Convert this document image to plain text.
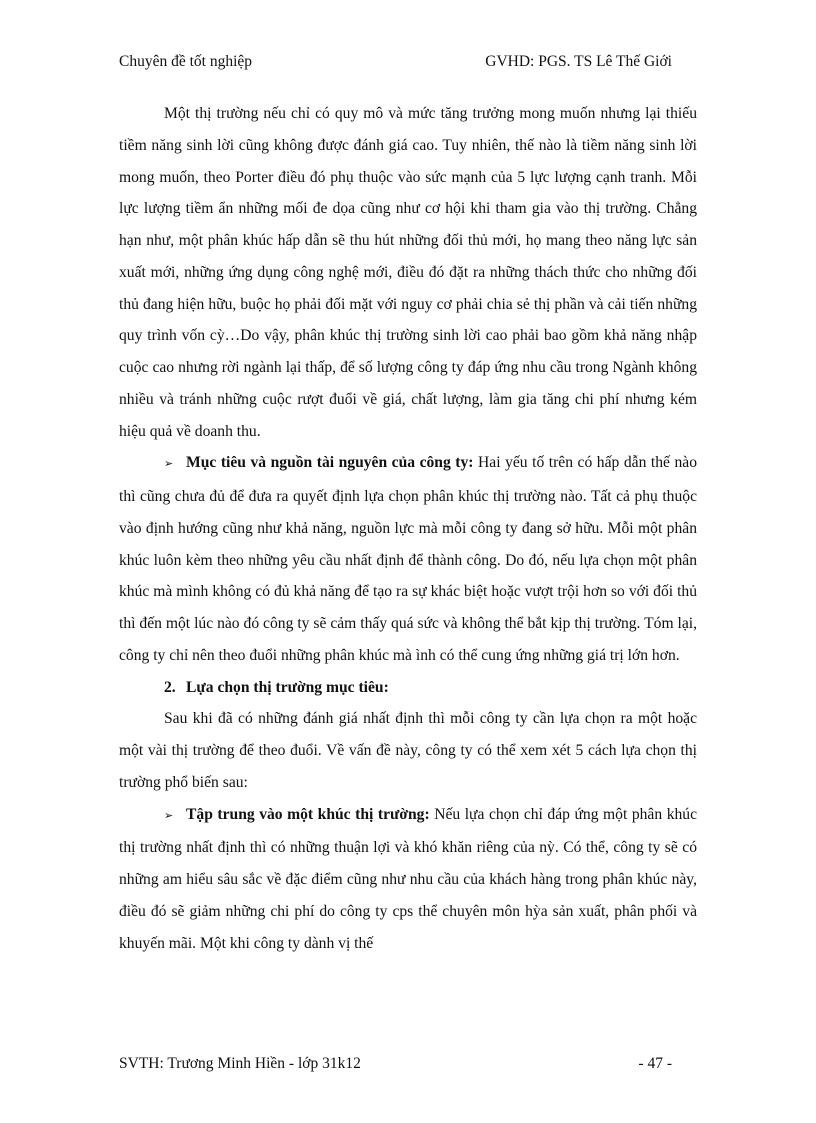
Chuyên đề tốt nghiệp	GVHD: PGS. TS Lê Thế Giới

Một thị trường nếu chỉ có quy mô và mức tăng trưởng mong muốn nhưng lại thiếu tiềm năng sinh lời cũng không được đánh giá cao. Tuy nhiên, thế nào là tiềm năng sinh lời mong muốn, theo Porter điều đó phụ thuộc vào sức mạnh của 5 lực lượng cạnh tranh. Mỗi lực lượng tiềm ẩn những mối đe dọa cũng như cơ hội khi tham gia vào thị trường. Chẳng hạn như, một phân khúc hấp dẫn sẽ thu hút những đối thủ mới, họ mang theo năng lực sản xuất mới, những ứng dụng công nghệ mới, điều đó đặt ra những thách thức cho những đối thủ đang hiện hữu, buộc họ phải đối mặt với nguy cơ phải chia sẻ thị phần và cải tiến những quy trình vốn cỳ…Do vậy, phân khúc thị trường sinh lời cao phải bao gồm khả năng nhập cuộc cao nhưng rời ngành lại thấp, để số lượng công ty đáp ứng nhu cầu trong Ngành không nhiều và tránh những cuộc rượt đuổi về giá, chất lượng, làm gia tăng chi phí nhưng kém hiệu quả về doanh thu.

➢ Mục tiêu và nguồn tài nguyên của công ty: Hai yếu tố trên có hấp dẫn thế nào thì cũng chưa đủ để đưa ra quyết định lựa chọn phân khúc thị trường nào. Tất cả phụ thuộc vào định hướng cũng như khả năng, nguồn lực mà mỗi công ty đang sở hữu. Mỗi một phân khúc luôn kèm theo những yêu cầu nhất định để thành công. Do đó, nếu lựa chọn một phân khúc mà mình không có đủ khả năng để tạo ra sự khác biệt hoặc vượt trội hơn so với đối thủ thì đến một lúc nào đó công ty sẽ cảm thấy quá sức và không thể bắt kịp thị trường. Tóm lại, công ty chỉ nên theo đuổi những phân khúc mà ình có thể cung ứng những giá trị lớn hơn.

2. Lựa chọn thị trường mục tiêu:

Sau khi đã có những đánh giá nhất định thì mỗi công ty cần lựa chọn ra một hoặc một vài thị trường để theo đuổi. Về vấn đề này, công ty có thể xem xét 5 cách lựa chọn thị trường phổ biến sau:

➢ Tập trung vào một khúc thị trường: Nếu lựa chọn chỉ đáp ứng một phân khúc thị trường nhất định thì có những thuận lợi và khó khăn riêng của nỳ. Có thể, công ty sẽ có những am hiểu sâu sắc về đặc điểm cũng như nhu cầu của khách hàng trong phân khúc này, điều đó sẽ giảm những chi phí do công ty cps thể chuyên môn hỳa sản xuất, phân phối và khuyến mãi. Một khi công ty dành vị thế

SVTH: Trương Minh Hiền - lớp 31k12	- 47 -
